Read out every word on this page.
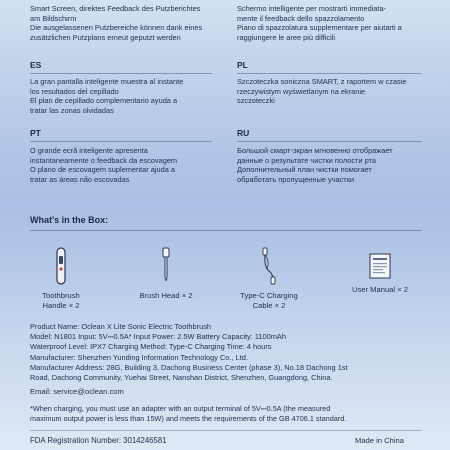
Smart Screen, direktes Feedback des Putzberichtes

am Bildschirm

Die ausgelassenen Putzbereiche können dank eines

zusätzlichen Putzplans erneut geputzt werden

Schermo intelligente per mostrarti immediata-

mente il feedback dello spazzolamento

Piano di spazzolatura supplementare per aiutarti a

raggiungere le aree più difficili

ES	PL

La gran pantalla inteligente muestra al instante

los resultados del cepillado

El plan de cepillado complementario ayuda a

tratar las zonas olvidadas

Szczoteczka soniczna SMART, z raportem w czasie

rzeczywistym wyświetlanym na ekranie

szczoteczki

PT	RU

O grande ecrã inteligente apresenta

instantaneamente o feedback da escovagem

O plano de escovagem suplementar ajuda a

tratar as áreas não escovadas

Большой смарт-экран мгновенно отображает

данные о результате чистки полости рта

Дополнительный план чистки помогает

обработать пропущенные участки

What's in the Box:
Toothbrush
Handle × 2
Brush Head × 2	Type-C Charging
Cable × 2
User Manual × 2
Product Name: Oclean X Lite Sonic Electric Toothbrush
Model: N1801 Input: 5V⎓0.5A* Input Power: 2.5W Battery Capacity: 1100mAh
Waterproof Level: IPX7 Charging Method: Type-C Charging Time: 4 hours
Manufacturer: Shenzhen Yunding Information Technology Co., Ltd.
Manufacturer Address: 28G, Building 3, Dachong Business Center (phase 3), No.18 Dachong 1st
Road, Dachong Community, Yuehai Street, Nanshan District, Shenzhen, Guangdong, China.
Email: service@oclean.com
*When charging, you must use an adapter with an output terminal of 5V⎓0.5A (the measured
maximum output power is less than 15W) and meets the requirements of the GB 4706.1 standard.
FDA Registration Number: 3014246581	Made in China
